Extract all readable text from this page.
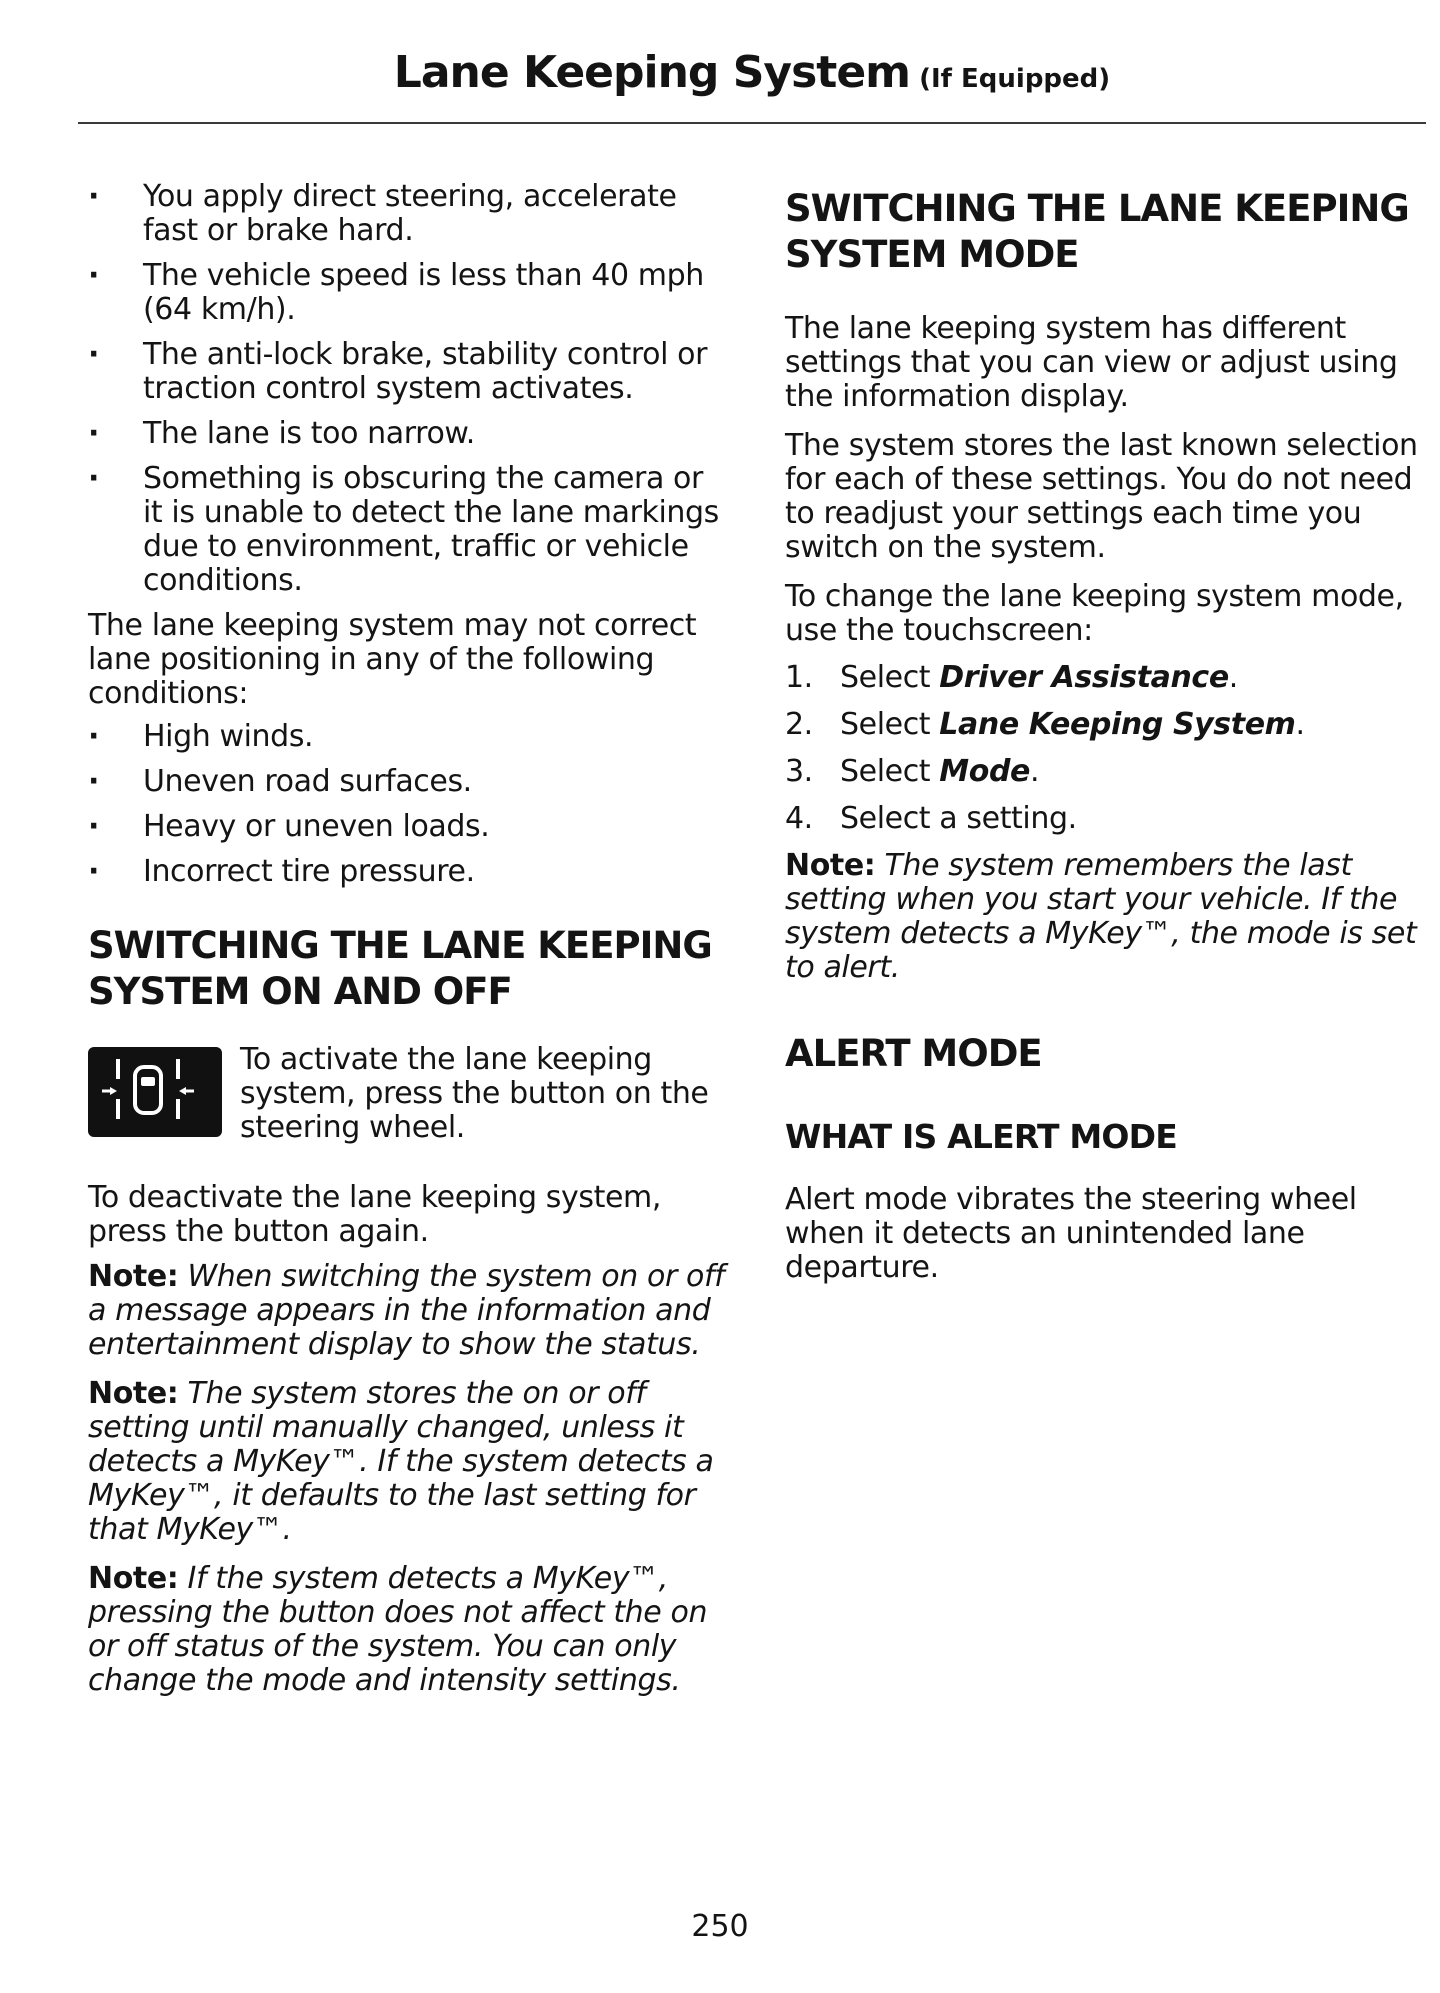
Lane Keeping System (If Equipped)
· You apply direct steering, accelerate fast or brake hard.
· The vehicle speed is less than 40 mph (64 km/h).
· The anti-lock brake, stability control or traction control system activates.
· The lane is too narrow.
· Something is obscuring the camera or it is unable to detect the lane markings due to environment, traffic or vehicle conditions.

The lane keeping system may not correct lane positioning in any of the following conditions:

· High winds.
· Uneven road surfaces.
· Heavy or uneven loads.
· Incorrect tire pressure.
SWITCHING THE LANE KEEPING SYSTEM ON AND OFF

To activate the lane keeping system, press the button on the steering wheel.

To deactivate the lane keeping system, press the button again.

Note: When switching the system on or off a message appears in the information and entertainment display to show the status.

Note: The system stores the on or off setting until manually changed, unless it detects a MyKey™. If the system detects a MyKey™, it defaults to the last setting for that MyKey™.

Note: If the system detects a MyKey™, pressing the button does not affect the on or off status of the system. You can only change the mode and intensity settings.

SWITCHING THE LANE KEEPING SYSTEM MODE

The lane keeping system has different settings that you can view or adjust using the information display.

The system stores the last known selection for each of these settings. You do not need to readjust your settings each time you switch on the system.

To change the lane keeping system mode, use the touchscreen:

1. Select Driver Assistance.
2. Select Lane Keeping System.
3. Select Mode.
4. Select a setting.

Note: The system remembers the last setting when you start your vehicle. If the system detects a MyKey™, the mode is set to alert.

ALERT MODE
WHAT IS ALERT MODE

Alert mode vibrates the steering wheel when it detects an unintended lane departure.

250
